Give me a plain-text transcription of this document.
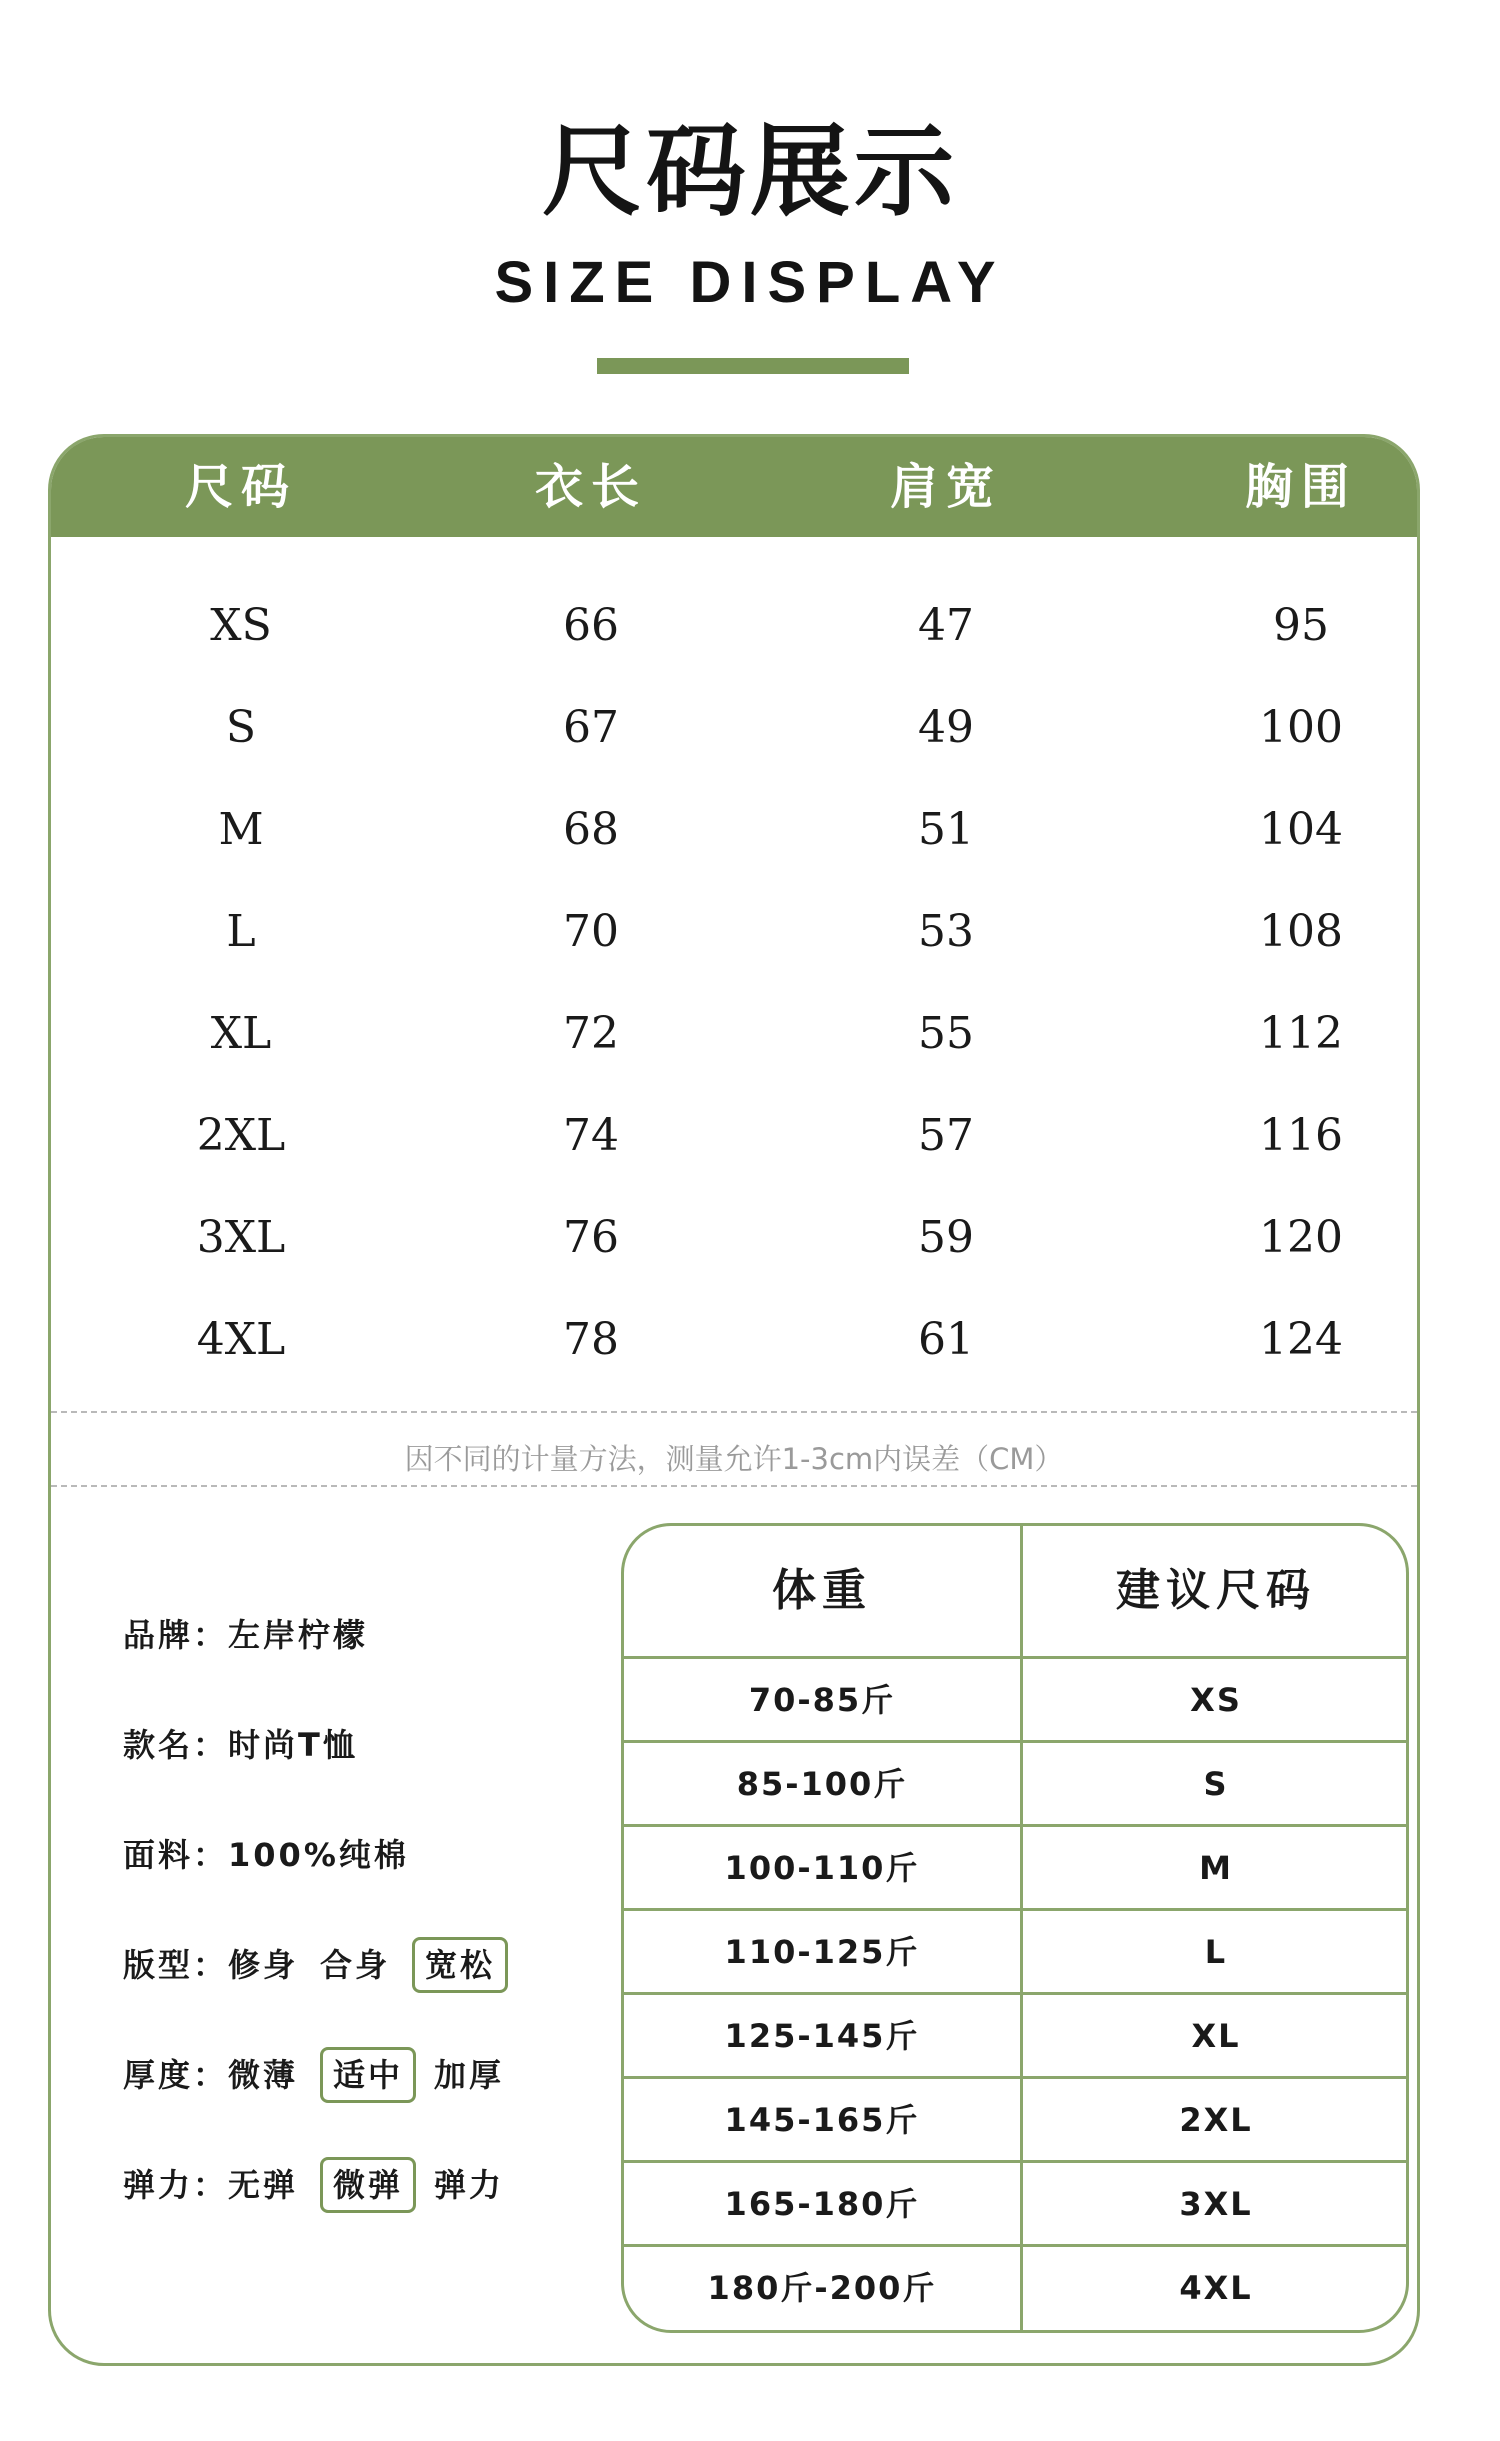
尺码展示
SIZE DISPLAY
尺码	衣长	肩宽	胸围
XS	66	47	95
S	67	49	100
M	68	51	104
L	70	53	108
XL	72	55	112
2XL	74	57	116
3XL	76	59	120
4XL	78	61	124
因不同的计量方法，测量允许1-3cm内误差（CM）
品牌：左岸柠檬
款名：时尚T恤
面料：100%纯棉
版型：修身 合身 宽松
厚度：微薄 适中 加厚
弹力：无弹 微弹 弹力
体重	建议尺码
70-85斤	XS
85-100斤	S
100-110斤	M
110-125斤	L
125-145斤	XL
145-165斤	2XL
165-180斤	3XL
180斤-200斤	4XL
